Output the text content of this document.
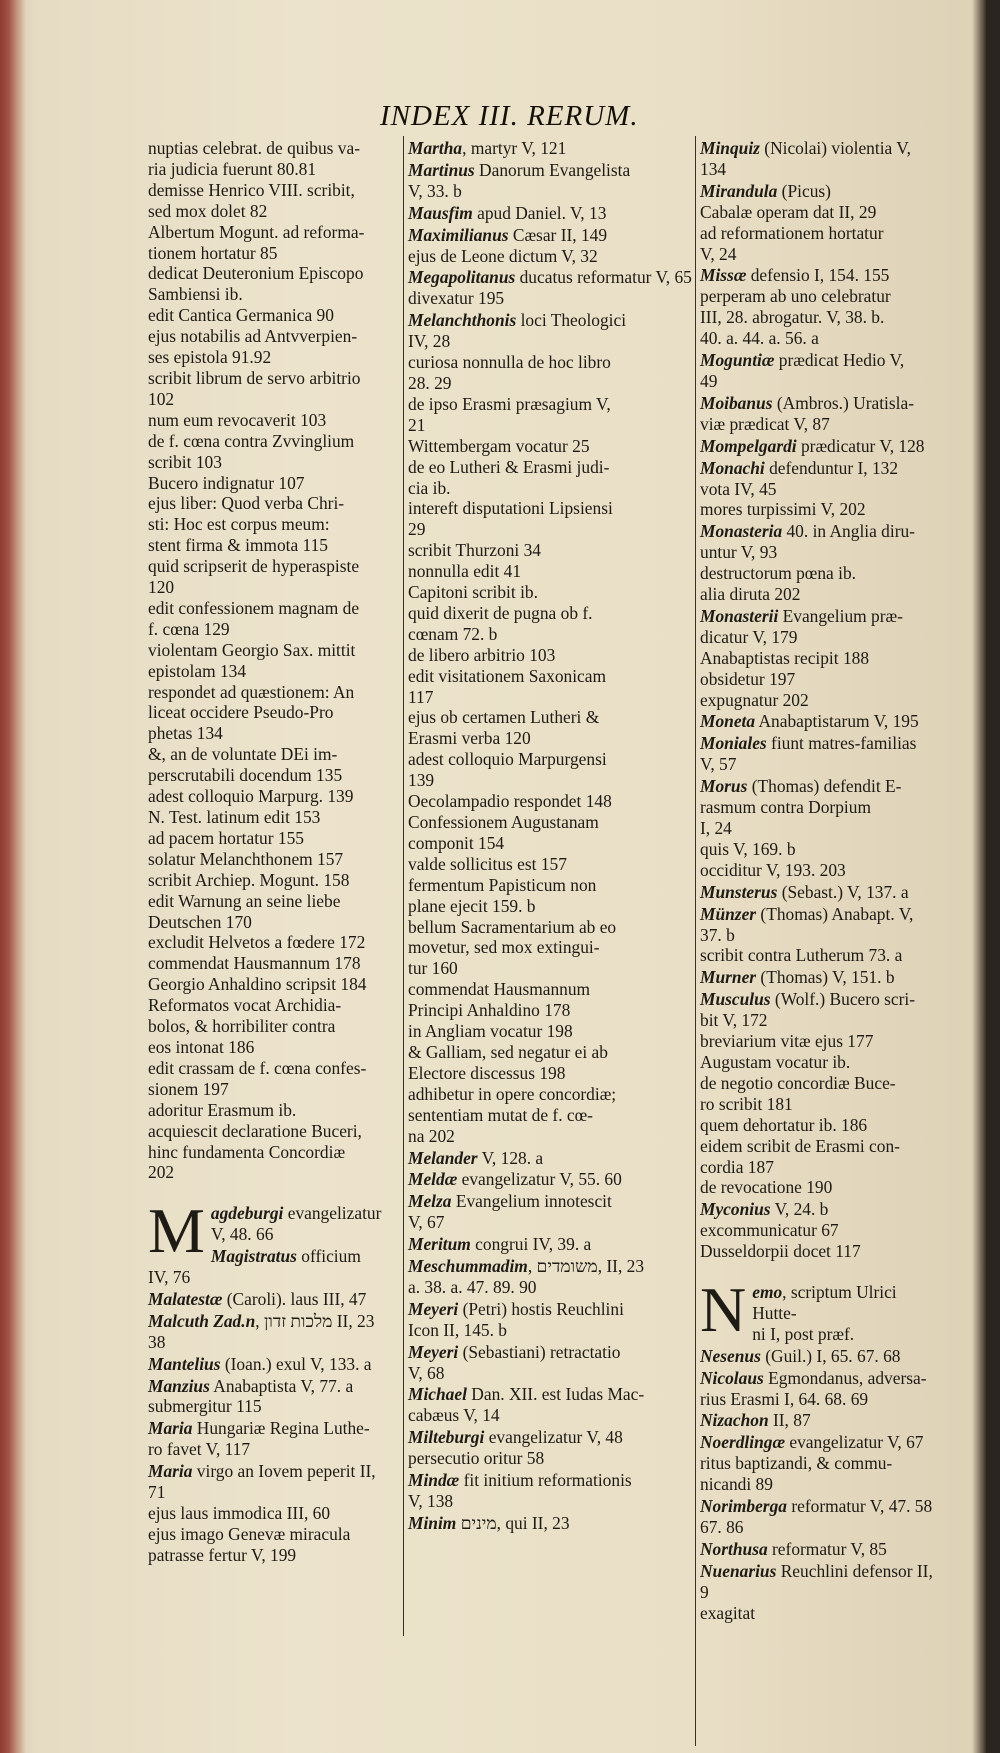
INDEX III. RERUM.
nuptias celebrat. de quibus va-
ria judicia fuerunt 80.81
demisse Henrico VIII. scribit,
sed mox dolet 82
Albertum Mogunt. ad reforma-
tionem hortatur 85
dedicat Deuteronium Episcopo
Sambiensi ib.
edit Cantica Germanica 90
ejus notabilis ad Antvverpien-
ses epistola 91.92
scribit librum de servo arbitrio
102
num eum revocaverit 103
de f. cœna contra Zvvinglium
scribit 103
Bucero indignatur 107
ejus liber: Quod verba Chri-
sti: Hoc est corpus meum:
stent firma & immota 115
quid scripserit de hyperaspiste
120
edit confessionem magnam de
f. cœna 129
violentam Georgio Sax. mittit
epistolam 134
respondet ad quæstionem: An
liceat occidere Pseudo-Pro
phetas 134
&, an de voluntate DEi im-
perscrutabili docendum 135
adest colloquio Marpurg. 139
N. Test. latinum edit 153
ad pacem hortatur 155
solatur Melanchthonem 157
scribit Archiep. Mogunt. 158
edit Warnung an seine liebe
Deutschen 170
excludit Helvetos a fœdere 172
commendat Hausmannum 178
Georgio Anhaldino scripsit 184
Reformatos vocat Archidia-
bolos, & horribiliter contra
eos intonat 186
edit crassam de f. cœna confes-
sionem 197
adoritur Erasmum ib.
acquiescit declaratione Buceri,
hinc fundamenta Concordiæ
202
Magdeburgi evangelizatur
V, 48. 66
Magistratus officium IV, 76
Malatestæ (Caroli). laus III, 47
Malcuth Zad.n, מלכות זדון II, 23
38
Mantelius (Ioan.) exul V, 133. a
Manzius Anabaptista V, 77. a
submergitur 115
Maria Hungariæ Regina Luthe-
ro favet V, 117
Maria virgo an Iovem peperit II,
71
ejus laus immodica III, 60
ejus imago Genevæ miracula
patrasse fertur V, 199
Martha, martyr V, 121
Martinus Danorum Evangelista
V, 33. b
Mausfim apud Daniel. V, 13
Maximilianus Cæsar II, 149
ejus de Leone dictum V, 32
Megapolitanus ducatus reformatur V, 65
divexatur 195
Melanchthonis loci Theologici
IV, 28
curiosa nonnulla de hoc libro
28. 29
de ipso Erasmi præsagium V,
21
Wittembergam vocatur 25
de eo Lutheri & Erasmi judi-
cia ib.
intereft disputationi Lipsiensi
29
scribit Thurzoni 34
nonnulla edit 41
Capitoni scribit ib.
quid dixerit de pugna ob f.
cœnam 72. b
de libero arbitrio 103
edit visitationem Saxonicam
117
ejus ob certamen Lutheri &
Erasmi verba 120
adest colloquio Marpurgensi
139
Oecolampadio respondet 148
Confessionem Augustanam
componit 154
valde sollicitus est 157
fermentum Papisticum non
plane ejecit 159. b
bellum Sacramentarium ab eo
movetur, sed mox extingui-
tur 160
commendat Hausmannum
Principi Anhaldino 178
in Angliam vocatur 198
& Galliam, sed negatur ei ab
Electore discessus 198
adhibetur in opere concordiæ;
sententiam mutat de f. cœ-
na 202
Melander V, 128. a
Meldæ evangelizatur V, 55. 60
Melza Evangelium innotescit
V, 67
Meritum congrui IV, 39. a
Meschummadim, משומדים, II, 23
a. 38. a. 47. 89. 90
Meyeri (Petri) hostis Reuchlini
Icon II, 145. b
Meyeri (Sebastiani) retractatio
V, 68
Michael Dan. XII. est Iudas Mac-
cabæus V, 14
Milteburgi evangelizatur V, 48
persecutio oritur 58
Mindæ fit initium reformationis
V, 138
Minim מינים, qui II, 23
Minquiz (Nicolai) violentia V,
134
Mirandula (Picus)
Cabalæ operam dat II, 29
ad reformationem hortatur
V, 24
Missæ defensio I, 154. 155
perperam ab uno celebratur
III, 28. abrogatur. V, 38. b.
40. a. 44. a. 56. a
Moguntiæ prædicat Hedio V,
49
Moibanus (Ambros.) Uratisla-
viæ prædicat V, 87
Mompelgardi prædicatur V, 128
Monachi defenduntur I, 132
vota IV, 45
mores turpissimi V, 202
Monasteria 40. in Anglia diru-
untur V, 93
destructorum pœna ib.
alia diruta 202
Monasterii Evangelium præ-
dicatur V, 179
Anabaptistas recipit 188
obsidetur 197
expugnatur 202
Moneta Anabaptistarum V, 195
Moniales fiunt matres-familias
V, 57
Morus (Thomas) defendit E-
rasmum contra Dorpium
I, 24
quis V, 169. b
occiditur V, 193. 203
Munsterus (Sebast.) V, 137. a
Münzer (Thomas) Anabapt. V,
37. b
scribit contra Lutherum 73. a
Murner (Thomas) V, 151. b
Musculus (Wolf.) Bucero scri-
bit V, 172
breviarium vitæ ejus 177
Augustam vocatur ib.
de negotio concordiæ Buce-
ro scribit 181
quem dehortatur ib. 186
eidem scribit de Erasmi con-
cordia 187
de revocatione 190
Myconius V, 24. b
excommunicatur 67
Dusseldorpii docet 117
Nemo, scriptum Ulrici Hutte-
ni I, post præf.
Nesenus (Guil.) I, 65. 67. 68
Nicolaus Egmondanus, adversa-
rius Erasmi I, 64. 68. 69
Nizachon II, 87
Noerdlingæ evangelizatur V, 67
ritus baptizandi, & commu-
nicandi 89
Norimberga reformatur V, 47. 58
67. 86
Northusa reformatur V, 85
Nuenarius Reuchlini defensor II, 9
exagitat
